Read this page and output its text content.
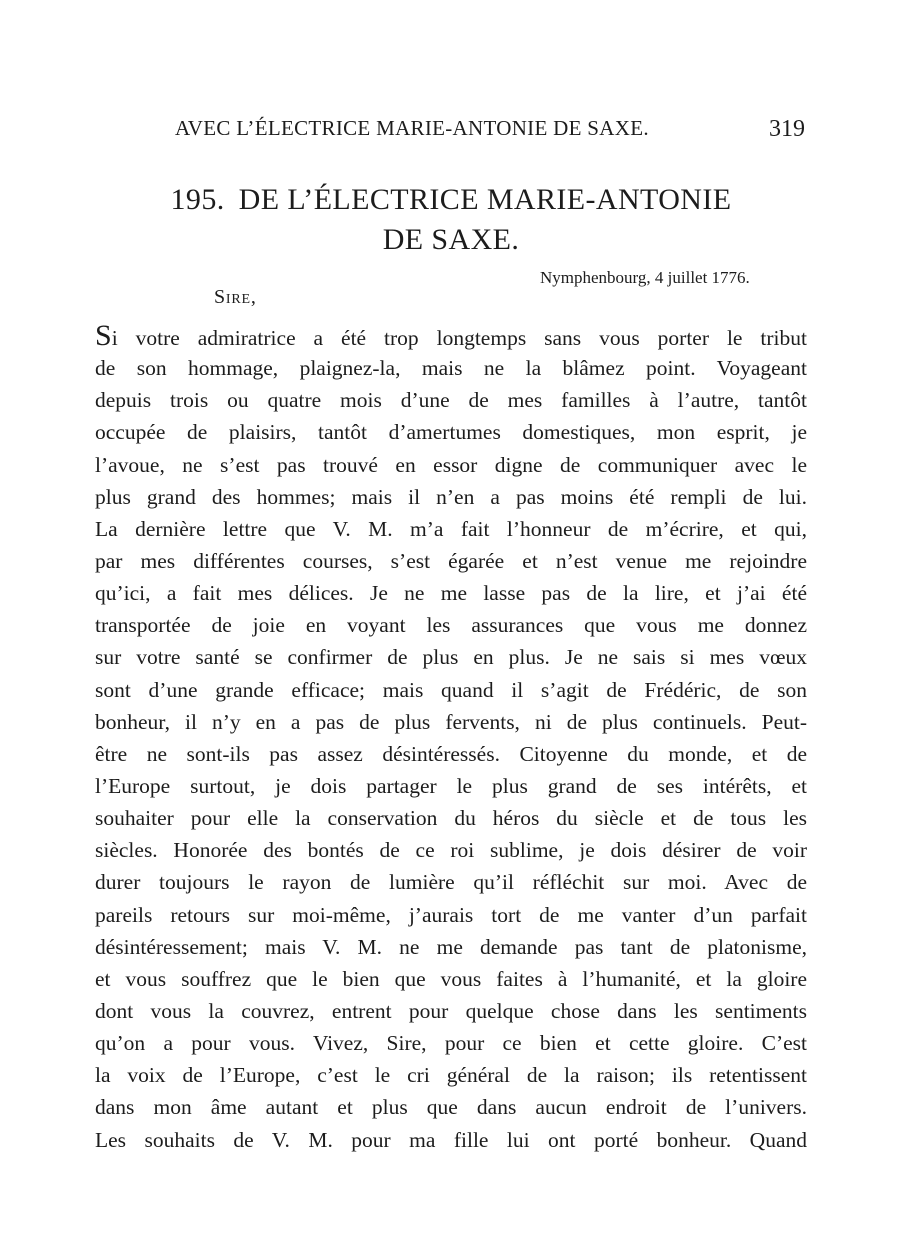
AVEC L’ÉLECTRICE MARIE-ANTONIE DE SAXE.	319
195. DE L’ÉLECTRICE MARIE-ANTONIE
DE SAXE.
Nymphenbourg, 4 juillet 1776.
Sire,
Si votre admiratrice a été trop longtemps sans vous porter le tribut
de son hommage, plaignez-la, mais ne la blâmez point. Voyageant
depuis trois ou quatre mois d’une de mes familles à l’autre, tantôt
occupée de plaisirs, tantôt d’amertumes domestiques, mon esprit, je
l’avoue, ne s’est pas trouvé en essor digne de communiquer avec le
plus grand des hommes; mais il n’en a pas moins été rempli de lui.
La dernière lettre que V. M. m’a fait l’honneur de m’écrire, et qui,
par mes différentes courses, s’est égarée et n’est venue me rejoindre
qu’ici, a fait mes délices. Je ne me lasse pas de la lire, et j’ai été
transportée de joie en voyant les assurances que vous me donnez
sur votre santé se confirmer de plus en plus. Je ne sais si mes vœux
sont d’une grande efficace; mais quand il s’agit de Frédéric, de son
bonheur, il n’y en a pas de plus fervents, ni de plus continuels. Peut-
être ne sont-ils pas assez désintéressés. Citoyenne du monde, et de
l’Europe surtout, je dois partager le plus grand de ses intérêts, et
souhaiter pour elle la conservation du héros du siècle et de tous les
siècles. Honorée des bontés de ce roi sublime, je dois désirer de voir
durer toujours le rayon de lumière qu’il réfléchit sur moi. Avec de
pareils retours sur moi-même, j’aurais tort de me vanter d’un parfait
désintéressement; mais V. M. ne me demande pas tant de platonisme,
et vous souffrez que le bien que vous faites à l’humanité, et la gloire
dont vous la couvrez, entrent pour quelque chose dans les sentiments
qu’on a pour vous. Vivez, Sire, pour ce bien et cette gloire. C’est
la voix de l’Europe, c’est le cri général de la raison; ils retentissent
dans mon âme autant et plus que dans aucun endroit de l’univers.
Les souhaits de V. M. pour ma fille lui ont porté bonheur. Quand
